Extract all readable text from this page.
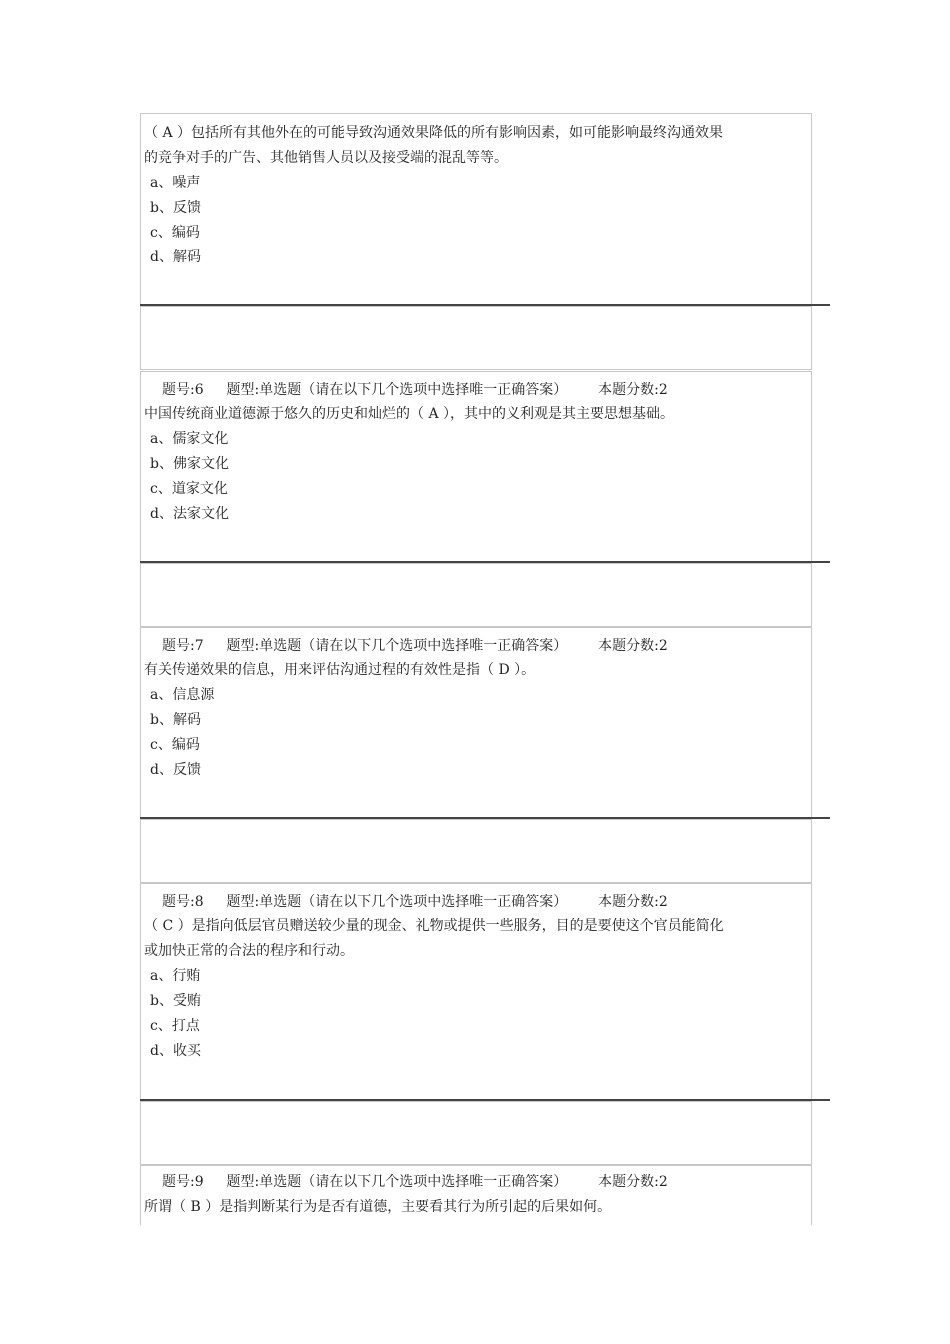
（ A ）包括所有其他外在的可能导致沟通效果降低的所有影响因素，如可能影响最终沟通效果
的竞争对手的广告、其他销售人员以及接受端的混乱等等。
a、噪声
b、反馈
c、编码
d、解码
题号:6 题型:单选题（请在以下几个选项中选择唯一正确答案） 本题分数:2
中国传统商业道德源于悠久的历史和灿烂的（ A ），其中的义利观是其主要思想基础。
a、儒家文化
b、佛家文化
c、道家文化
d、法家文化
题号:7 题型:单选题（请在以下几个选项中选择唯一正确答案） 本题分数:2
有关传递效果的信息，用来评估沟通过程的有效性是指（ D ）。
a、信息源
b、解码
c、编码
d、反馈
题号:8 题型:单选题（请在以下几个选项中选择唯一正确答案） 本题分数:2
（ C ）是指向低层官员赠送较少量的现金、礼物或提供一些服务，目的是要使这个官员能简化
或加快正常的合法的程序和行动。
a、行贿
b、受贿
c、打点
d、收买
题号:9 题型:单选题（请在以下几个选项中选择唯一正确答案） 本题分数:2
所谓（ B ）是指判断某行为是否有道德，主要看其行为所引起的后果如何。
